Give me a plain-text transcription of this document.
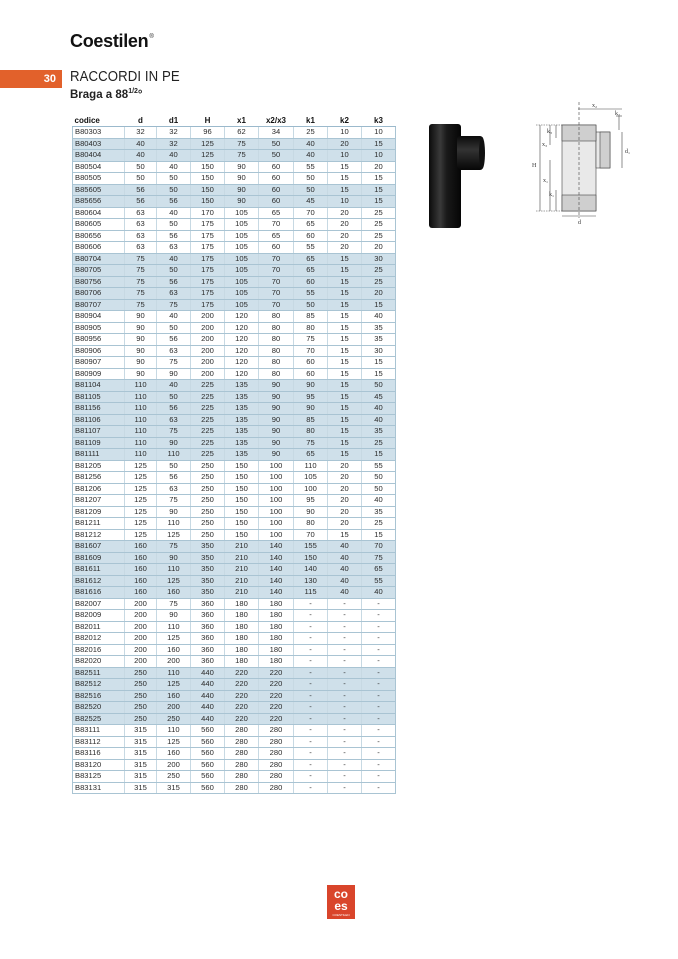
Coestilen®
30 RACCORDI IN PE
Braga a $88^{1/2}^\circ$
codice	d	d1	H	x1	x2/x3	k1	k2	k3
B80303	32	32	96	62	34	25	10	10
B80403	40	32	125	75	50	40	20	15
B80404	40	40	125	75	50	40	10	10
B80504	50	40	150	90	60	55	15	20
B80505	50	50	150	90	60	50	15	15
B85605	56	50	150	90	60	50	15	15
B85656	56	56	150	90	60	45	10	15
B80604	63	40	170	105	65	70	20	25
B80605	63	50	175	105	70	65	20	25
B80656	63	56	175	105	65	60	20	25
B80606	63	63	175	105	60	55	20	20
B80704	75	40	175	105	70	65	15	30
B80705	75	50	175	105	70	65	15	25
B80756	75	56	175	105	70	60	15	25
B80706	75	63	175	105	70	55	15	20
B80707	75	75	175	105	70	50	15	15
B80904	90	40	200	120	80	85	15	40
B80905	90	50	200	120	80	80	15	35
B80956	90	56	200	120	80	75	15	35
B80906	90	63	200	120	80	70	15	30
B80907	90	75	200	120	80	60	15	15
B80909	90	90	200	120	80	60	15	15
B81104	110	40	225	135	90	90	15	50
B81105	110	50	225	135	90	95	15	45
B81156	110	56	225	135	90	90	15	40
B81106	110	63	225	135	90	85	15	40
B81107	110	75	225	135	90	80	15	35
B81109	110	90	225	135	90	75	15	25
B81111	110	110	225	135	90	65	15	15
B81205	125	50	250	150	100	110	20	55
B81256	125	56	250	150	100	105	20	50
B81206	125	63	250	150	100	100	20	50
B81207	125	75	250	150	100	95	20	40
B81209	125	90	250	150	100	90	20	35
B81211	125	110	250	150	100	80	20	25
B81212	125	125	250	150	100	70	15	15
B81607	160	75	350	210	140	155	40	70
B81609	160	90	350	210	140	150	40	75
B81611	160	110	350	210	140	140	40	65
B81612	160	125	350	210	140	130	40	55
B81616	160	160	350	210	140	115	40	40
B82007	200	75	360	180	180	-	-	-
B82009	200	90	360	180	180	-	-	-
B82011	200	110	360	180	180	-	-	-
B82012	200	125	360	180	180	-	-	-
B82016	200	160	360	180	180	-	-	-
B82020	200	200	360	180	180	-	-	-
B82511	250	110	440	220	220	-	-	-
B82512	250	125	440	220	220	-	-	-
B82516	250	160	440	220	220	-	-	-
B82520	250	200	440	220	220	-	-	-
B82525	250	250	440	220	220	-	-	-
B83111	315	110	560	280	280	-	-	-
B83112	315	125	560	280	280	-	-	-
B83116	315	160	560	280	280	-	-	-
B83120	315	200	560	280	280	-	-	-
B83125	315	250	560	280	280	-	-	-
B83131	315	315	560	280	280	-	-	-
x₂
k₂
k₃
x₃
d₁
H
x₁
k₁
d
co
es
COESTILEN
